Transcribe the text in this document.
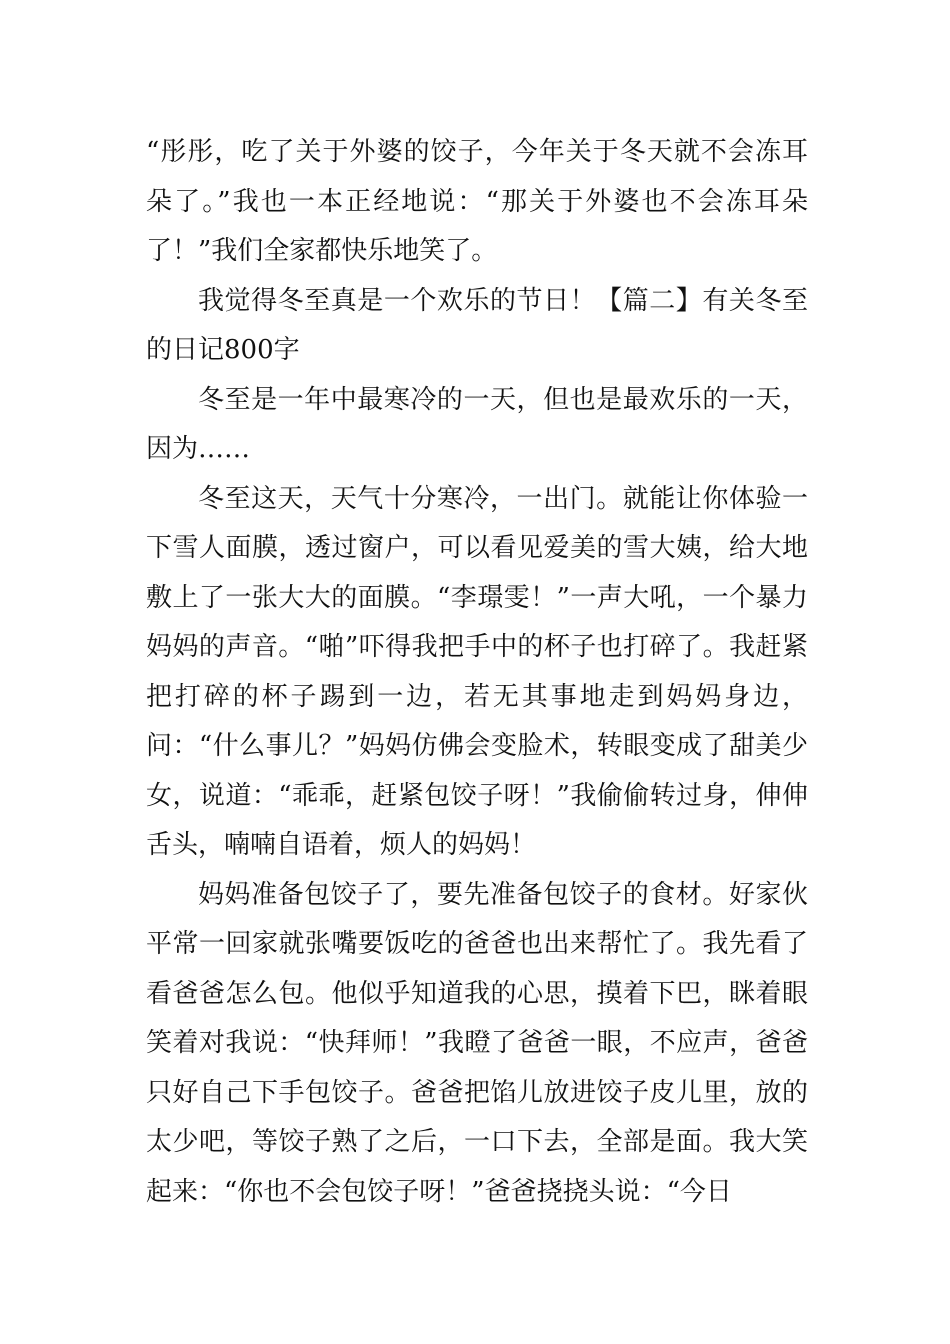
“彤彤，吃了关于外婆的饺子，今年关于冬天就不会冻耳朵了。”我也一本正经地说：“那关于外婆也不会冻耳朵了！”我们全家都快乐地笑了。

我觉得冬至真是一个欢乐的节日！【篇二】有关冬至的日记800字

冬至是一年中最寒冷的一天，但也是最欢乐的一天，因为……

冬至这天，天气十分寒冷，一出门。就能让你体验一下雪人面膜，透过窗户，可以看见爱美的雪大姨，给大地敷上了一张大大的面膜。“李璟雯！”一声大吼，一个暴力妈妈的声音。“啪”吓得我把手中的杯子也打碎了。我赶紧把打碎的杯子踢到一边，若无其事地走到妈妈身边，问：“什么事儿？”妈妈仿佛会变脸术，转眼变成了甜美少女，说道：“乖乖，赶紧包饺子呀！”我偷偷转过身，伸伸舌头，喃喃自语着，烦人的妈妈！

妈妈准备包饺子了，要先准备包饺子的食材。好家伙平常一回家就张嘴要饭吃的爸爸也出来帮忙了。我先看了看爸爸怎么包。他似乎知道我的心思，摸着下巴，眯着眼笑着对我说：“快拜师！”我瞪了爸爸一眼，不应声，爸爸只好自己下手包饺子。爸爸把馅儿放进饺子皮儿里，放的太少吧，等饺子熟了之后，一口下去，全部是面。我大笑起来：“你也不会包饺子呀！”爸爸挠挠头说：“今日
